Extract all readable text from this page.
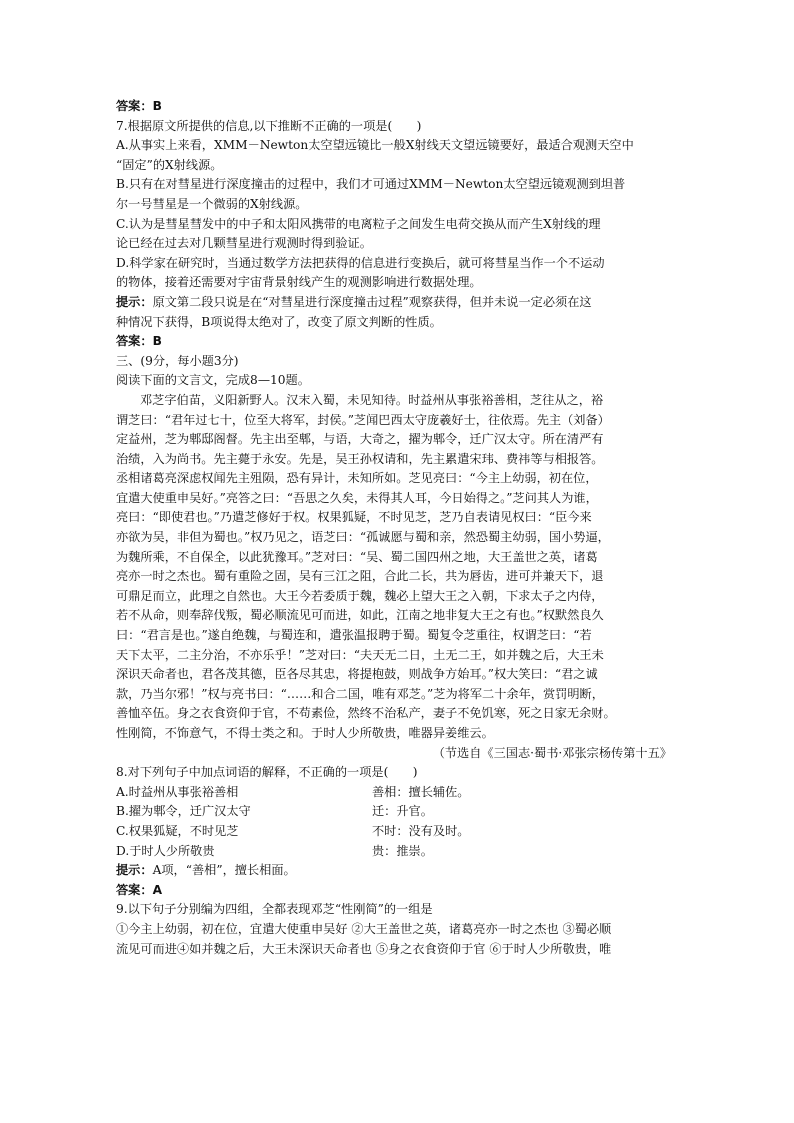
答案：B
7.根据原文所提供的信息,以下推断不正确的一项是(　　)
A.从事实上来看，XMM－Newton太空望远镜比一般X射线天文望远镜要好，最适合观测天空中
“固定”的X射线源。
B.只有在对彗星进行深度撞击的过程中，我们才可通过XMM－Newton太空望远镜观测到坦普
尔一号彗星是一个微弱的X射线源。
C.认为是彗星彗发中的中子和太阳风携带的电离粒子之间发生电荷交换从而产生X射线的理
论已经在过去对几颗彗星进行观测时得到验证。
D.科学家在研究时，当通过数学方法把获得的信息进行变换后，就可将彗星当作一个不运动
的物体，接着还需要对宇宙背景射线产生的观测影响进行数据处理。
提示：原文第二段只说是在“对彗星进行深度撞击过程”观察获得，但并未说一定必须在这
种情况下获得，B项说得太绝对了，改变了原文判断的性质。
答案：B
三、(9分，每小题3分)
阅读下面的文言文，完成8—10题。
邓芝字伯苗，义阳新野人。汉末入蜀，未见知待。时益州从事张裕善相，芝往从之，裕
谓芝曰：“君年过七十，位至大将军，封侯。”芝闻巴西太守庞羲好士，往依焉。先主（刘备）
定益州，芝为郫邸阁督。先主出至郫，与语，大奇之，擢为郫令，迁广汉太守。所在清严有
治绩，入为尚书。先主薨于永安。先是，吴王孙权请和，先主累遣宋玮、费祎等与相报答。
丞相诸葛亮深虑权闻先主殂陨，恐有异计，未知所如。芝见亮曰：“今主上幼弱，初在位，
宜遣大使重申吴好。”亮答之曰：“吾思之久矣，未得其人耳，今日始得之。”芝问其人为谁，
亮曰：“即使君也。”乃遣芝修好于权。权果狐疑，不时见芝，芝乃自表请见权曰：“臣今来
亦欲为吴，非但为蜀也。”权乃见之，语芝曰：“孤诚愿与蜀和亲，然恐蜀主幼弱，国小势逼，
为魏所乘，不自保全，以此犹豫耳。”芝对曰：“吴、蜀二国四州之地，大王盖世之英，诸葛
亮亦一时之杰也。蜀有重险之固，吴有三江之阻，合此二长，共为唇齿，进可并兼天下，退
可鼎足而立，此理之自然也。大王今若委质于魏，魏必上望大王之入朝，下求太子之内侍，
若不从命，则奉辞伐叛，蜀必顺流见可而进，如此，江南之地非复大王之有也。”权默然良久
曰：“君言是也。”遂自绝魏，与蜀连和，遣张温报聘于蜀。蜀复令芝重往，权谓芝曰：“若
天下太平，二主分治，不亦乐乎！”芝对曰：“夫天无二日，土无二王，如并魏之后，大王未
深识天命者也，君各茂其德，臣各尽其忠，将提枹鼓，则战争方始耳。”权大笑曰：“君之诚
款，乃当尔邪！”权与亮书曰：“……和合二国，唯有邓芝。”芝为将军二十余年，赏罚明断，
善恤卒伍。身之衣食资仰于官，不苟素俭，然终不治私产，妻子不免饥寒，死之日家无余财。
性刚简，不饰意气，不得士类之和。于时人少所敬贵，唯器异姜维云。
（节选自《三国志·蜀书·邓张宗杨传第十五》
8.对下列句子中加点词语的解释，不正确的一项是(　　)
A.时益州从事张裕善相	善相：擅长辅佐。
B.擢为郫令，迁广汉太守	迁：升官。
C.权果狐疑，不时见芝	不时：没有及时。
D.于时人少所敬贵	贵：推崇。
提示：A项，“善相”，擅长相面。
答案：A
9.以下句子分别编为四组，全都表现邓芝“性刚简”的一组是
①今主上幼弱，初在位，宜遣大使重申吴好 ②大王盖世之英，诸葛亮亦一时之杰也 ③蜀必顺
流见可而进④如并魏之后，大王未深识天命者也 ⑤身之衣食资仰于官 ⑥于时人少所敬贵，唯
